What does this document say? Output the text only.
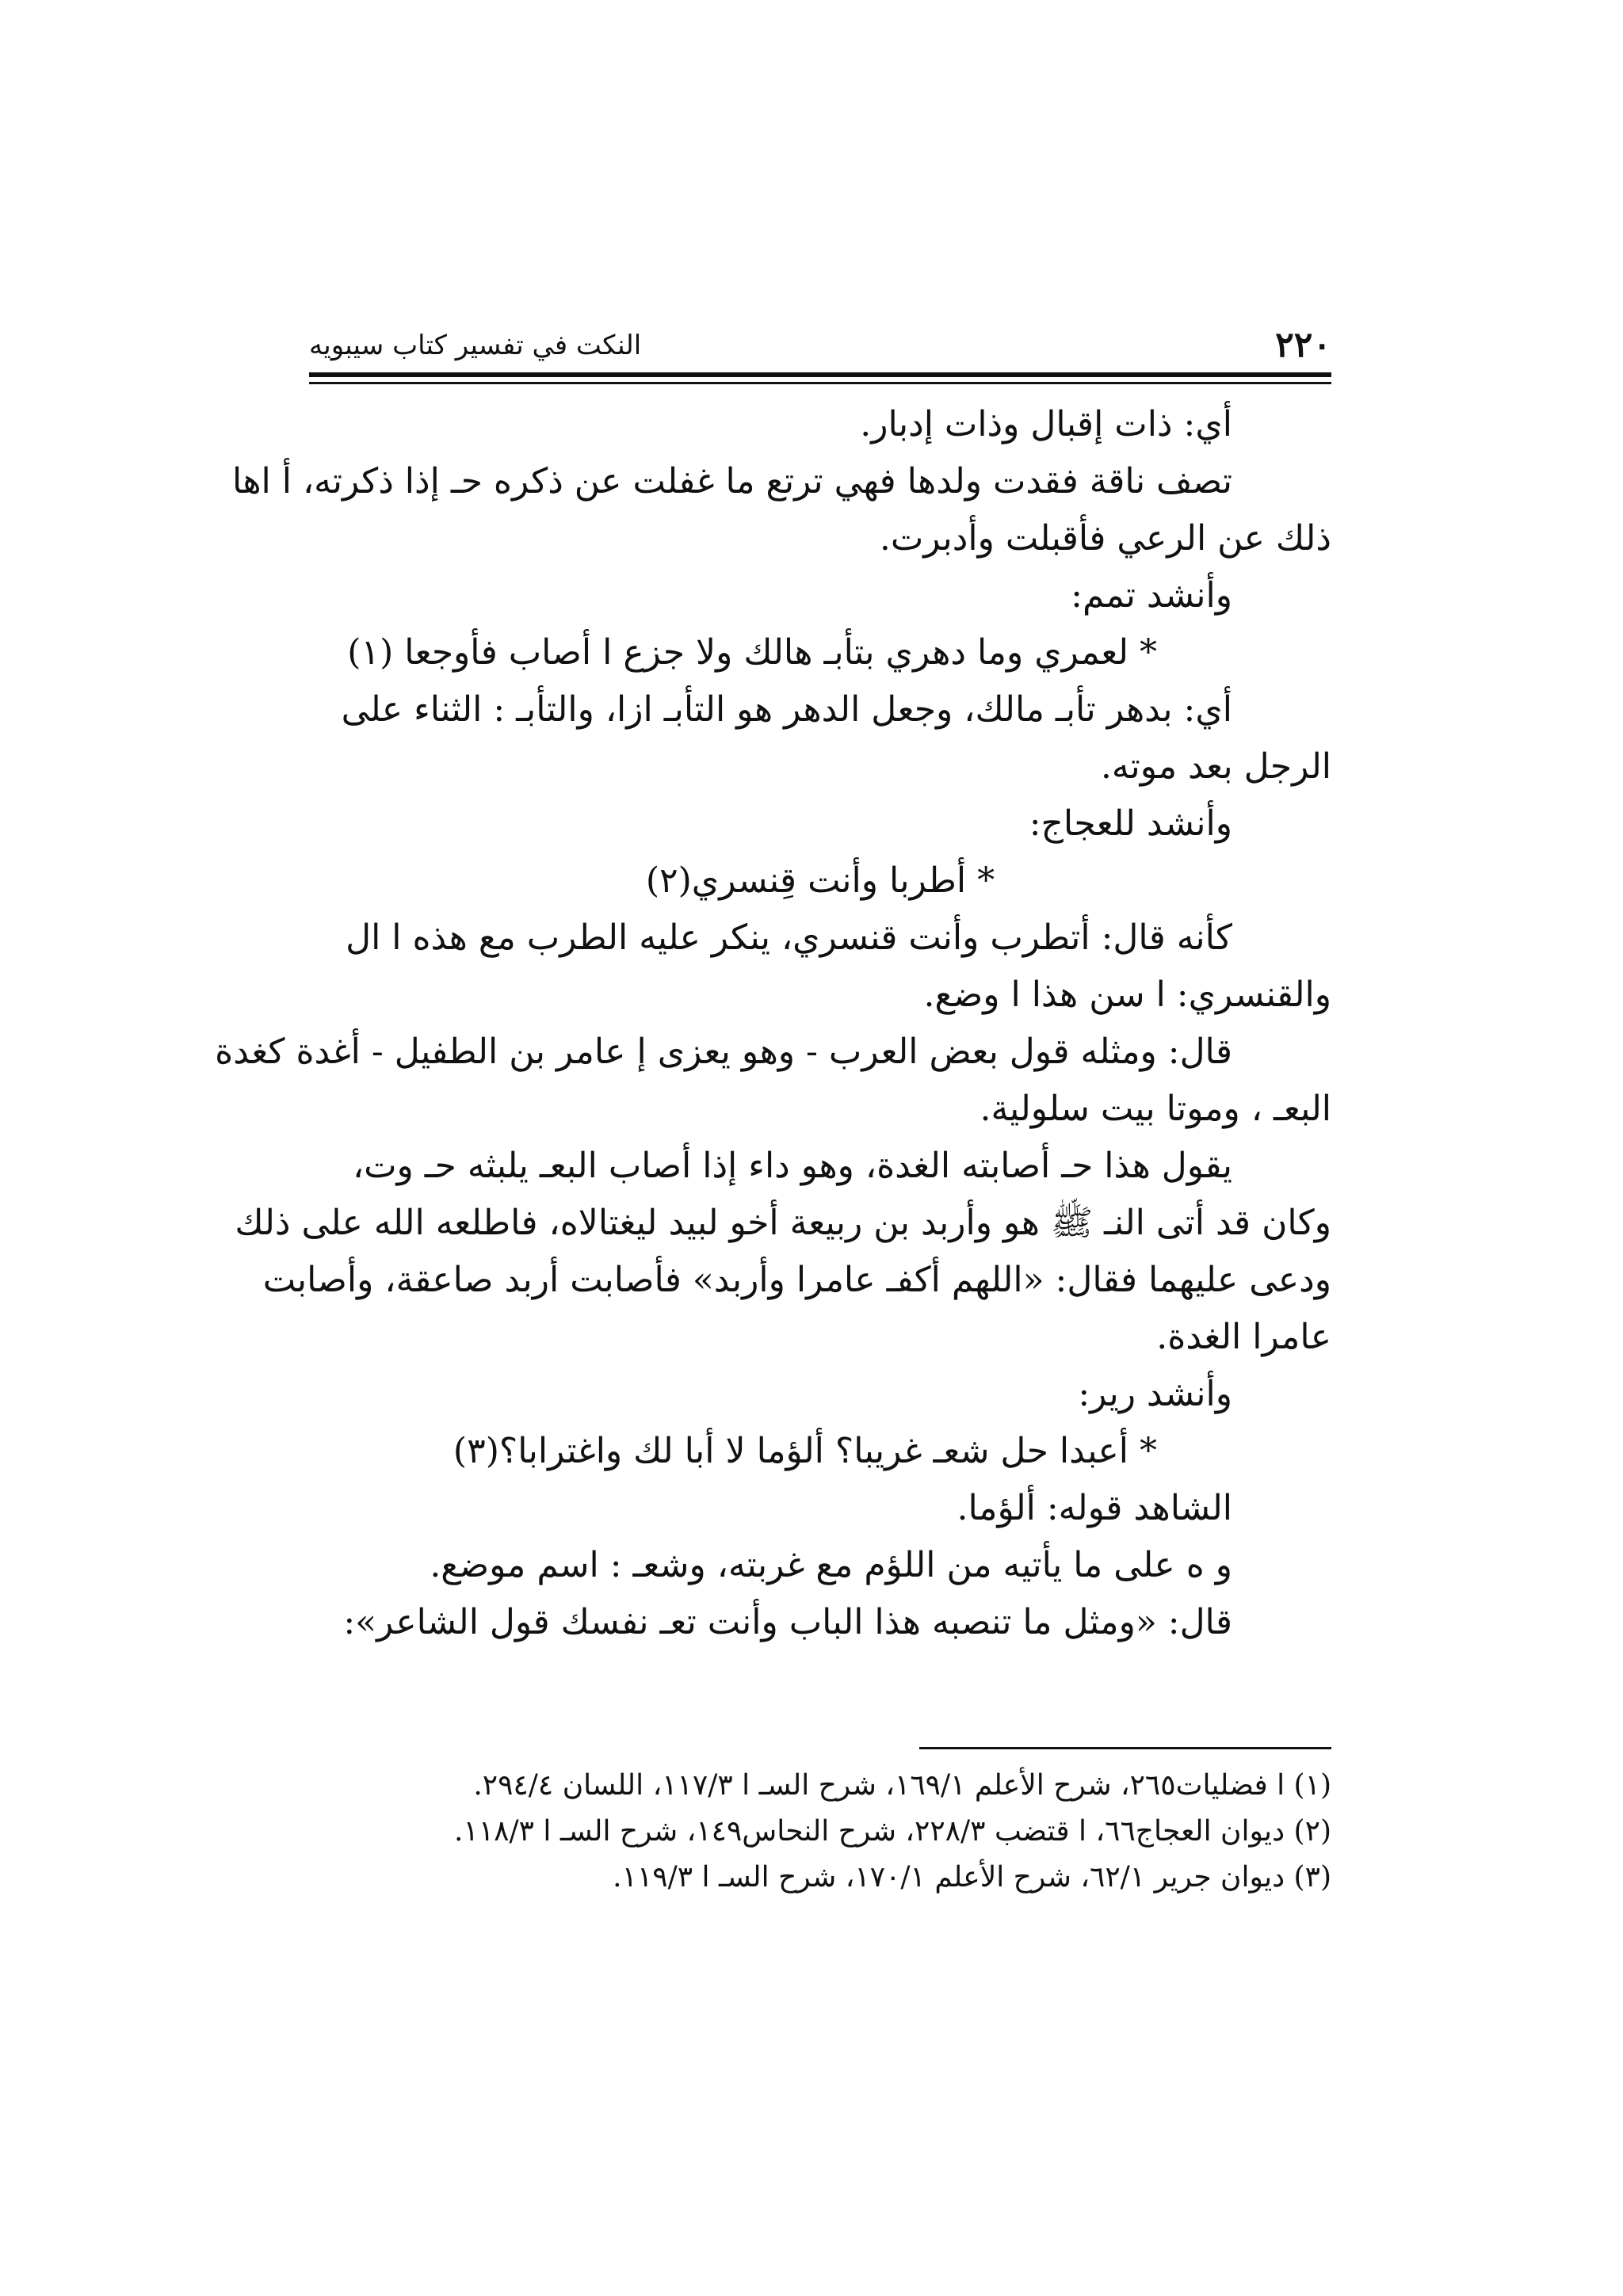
النكت في تفسير كتاب سيبويه	٢٢٠
أي: ذات إقبال وذات إدبار.
تصف ناقة فقدت ولدها فهي ترتع ما غفلت عن ذكره حـ إذا ذكرته، أ اها
ذلك عن الرعي فأقبلت وأدبرت.
وأنشد تمم:
* لعمري وما دهري بتأبـ هالك ولا جزع ا أصاب فأوجعا (١)
أي: بدهر تأبـ مالك، وجعل الدهر هو التأبـ ازا، والتأبـ : الثناء على
الرجل بعد موته.
وأنشد للعجاج:
* أطربا وأنت قِنسري(٢)
كأنه قال: أتطرب وأنت قنسري، ينكر عليه الطرب مع هذه ا ال
والقنسري: ا سن هذا ا وضع.
قال: ومثله قول بعض العرب - وهو يعزى إ عامر بن الطفيل - أغدة كغدة
البعـ ، وموتا بيت سلولية.
يقول هذا حـ أصابته الغدة، وهو داء إذا أصاب البعـ يلبثه حـ وت،
وكان قد أتى النـ ﷺ هو وأربد بن ربيعة أخو لبيد ليغتالاه، فاطلعه الله على ذلك
ودعى عليهما فقال: «اللهم أكفـ عامرا وأربد» فأصابت أربد صاعقة، وأصابت
عامرا الغدة.
وأنشد رير:
* أعبدا حل شعـ غريبا؟ ألؤما لا أبا لك واغترابا؟(٣)
الشاهد قوله: ألؤما.
و ه على ما يأتيه من اللؤم مع غربته، وشعـ : اسم موضع.
قال: «ومثل ما تنصبه هذا الباب وأنت تعـ نفسك قول الشاعر»:
(١) ا فضليات٢٦٥، شرح الأعلم ١٦٩/١، شرح السـ ا ١١٧/٣، اللسان ٢٩٤/٤.
(٢) ديوان العجاج٦٦، ا قتضب ٢٢٨/٣، شرح النحاس١٤٩، شرح السـ ا ١١٨/٣.
(٣) ديوان جرير ٦٢/١، شرح الأعلم ١٧٠/١، شرح السـ ا ١١٩/٣.
